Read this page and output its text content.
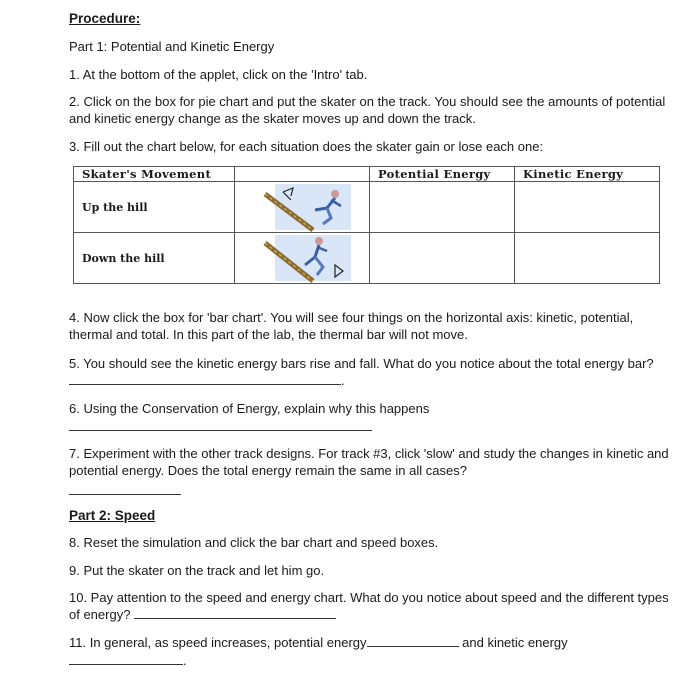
Procedure:
Part 1: Potential and Kinetic Energy
1. At the bottom of the applet, click on the 'Intro' tab.
2. Click on the box for pie chart and put the skater on the track. You should see the amounts of potential and kinetic energy change as the skater moves up and down the track.
3. Fill out the chart below, for each situation does the skater gain or lose each one:
Skater's Movement		Potential Energy	Kinetic Energy
Up the hill	

Down the hill	

4. Now click the box for 'bar chart'. You will see four things on the horizontal axis: kinetic, potential, thermal and total. In this part of the lab, the thermal bar will not move.
5. You should see the kinetic energy bars rise and fall. What do you notice about the total energy bar? .
6. Using the Conservation of Energy, explain why this happens
7. Experiment with the other track designs. For track #3, click 'slow' and study the changes in kinetic and potential energy. Does the total energy remain the same in all cases?
Part 2: Speed
8. Reset the simulation and click the bar chart and speed boxes.
9. Put the skater on the track and let him go.
10. Pay attention to the speed and energy chart. What do you notice about speed and the different types of energy?
11. In general, as speed increases, potential energy	and kinetic energy
.
